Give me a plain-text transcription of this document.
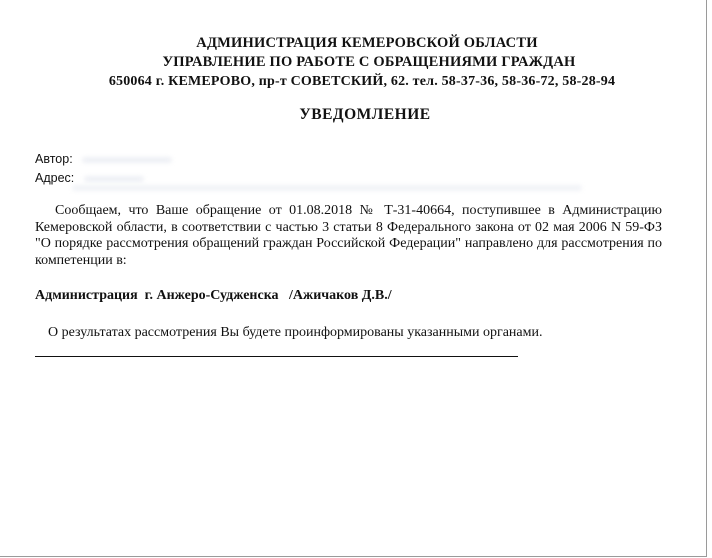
АДМИНИСТРАЦИЯ КЕМЕРОВСКОЙ ОБЛАСТИ
УПРАВЛЕНИЕ ПО РАБОТЕ С ОБРАЩЕНИЯМИ ГРАЖДАН
650064 г. КЕМЕРОВО, пр-т СОВЕТСКИЙ, 62. тел. 58-37-36, 58-36-72, 58-28-94
УВЕДОМЛЕНИЕ
Автор:
Адрес:
Сообщаем, что Ваше обращение от 01.08.2018 № Т-31-40664, поступившее в Администрацию Кемеровской области, в соответствии с частью 3 статьи 8 Федерального закона от 02 мая 2006 N 59-ФЗ "О порядке рассмотрения обращений граждан Российской Федерации" направлено для рассмотрения по компетенции в:
Администрация  г. Анжеро-Судженска   /Ажичаков Д.В./
О результатах рассмотрения Вы будете проинформированы указанными органами.
